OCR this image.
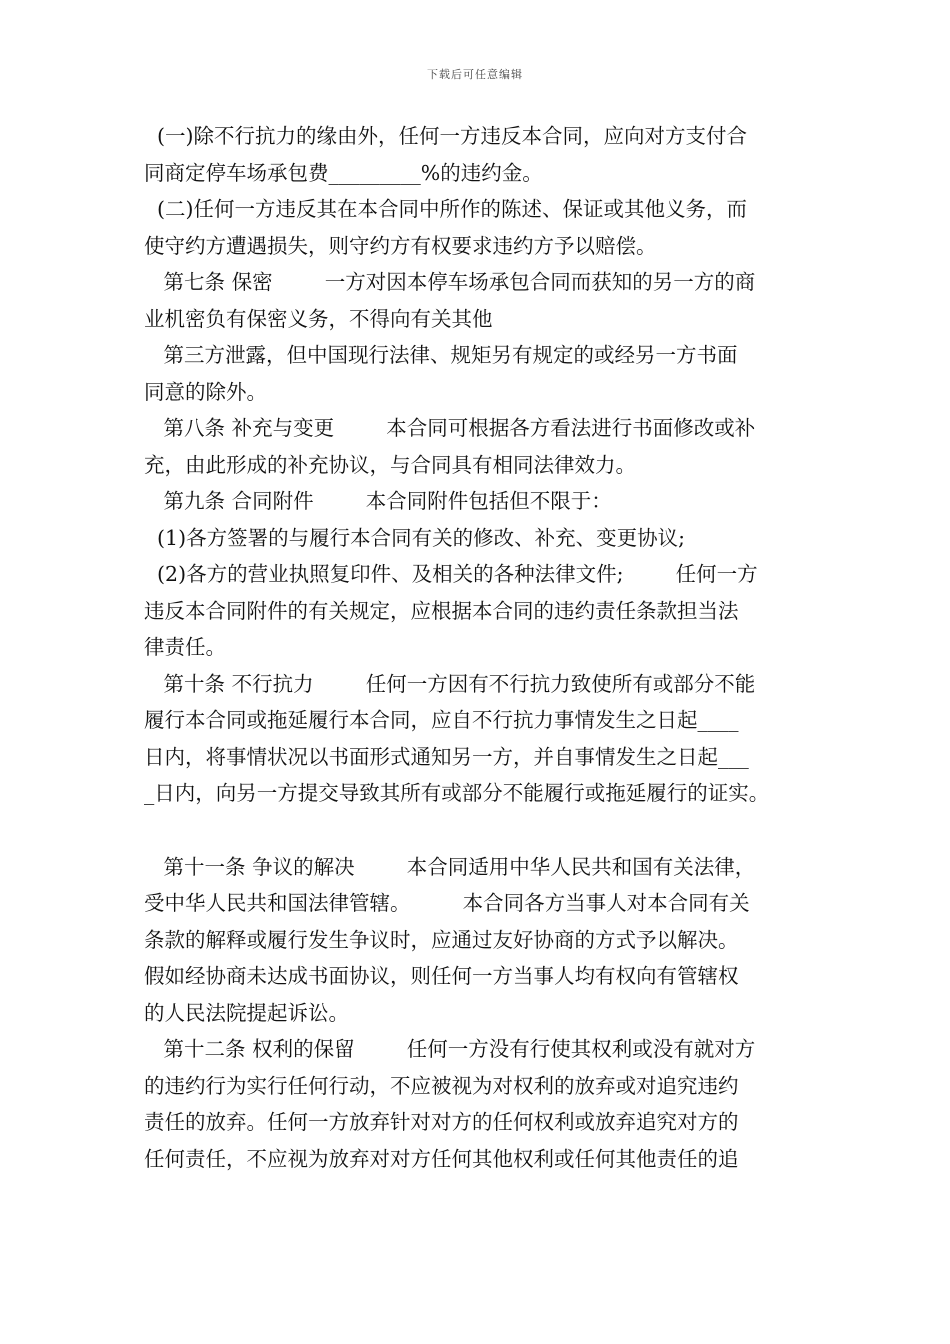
下载后可任意编辑
(一)除不行抗力的缘由外，任何一方违反本合同，应向对方支付合
同商定停车场承包费_________%的违约金。
(二)任何一方违反其在本合同中所作的陈述、保证或其他义务，而
使守约方遭遇损失，则守约方有权要求违约方予以赔偿。
第七条 保密        一方对因本停车场承包合同而获知的另一方的商
业机密负有保密义务，不得向有关其他
第三方泄露，但中国现行法律、规矩另有规定的或经另一方书面
同意的除外。
第八条 补充与变更        本合同可根据各方看法进行书面修改或补
充，由此形成的补充协议，与合同具有相同法律效力。
第九条 合同附件        本合同附件包括但不限于：
(1)各方签署的与履行本合同有关的修改、补充、变更协议;
(2)各方的营业执照复印件、及相关的各种法律文件;        任何一方
违反本合同附件的有关规定，应根据本合同的违约责任条款担当法
律责任。
第十条 不行抗力        任何一方因有不行抗力致使所有或部分不能
履行本合同或拖延履行本合同，应自不行抗力事情发生之日起____
日内，将事情状况以书面形式通知另一方，并自事情发生之日起___
_日内，向另一方提交导致其所有或部分不能履行或拖延履行的证实。
第十一条 争议的解决        本合同适用中华人民共和国有关法律，
受中华人民共和国法律管辖。        本合同各方当事人对本合同有关
条款的解释或履行发生争议时，应通过友好协商的方式予以解决。
假如经协商未达成书面协议，则任何一方当事人均有权向有管辖权
的人民法院提起诉讼。
第十二条 权利的保留        任何一方没有行使其权利或没有就对方
的违约行为实行任何行动，不应被视为对权利的放弃或对追究违约
责任的放弃。任何一方放弃针对对方的任何权利或放弃追究对方的
任何责任，不应视为放弃对对方任何其他权利或任何其他责任的追
